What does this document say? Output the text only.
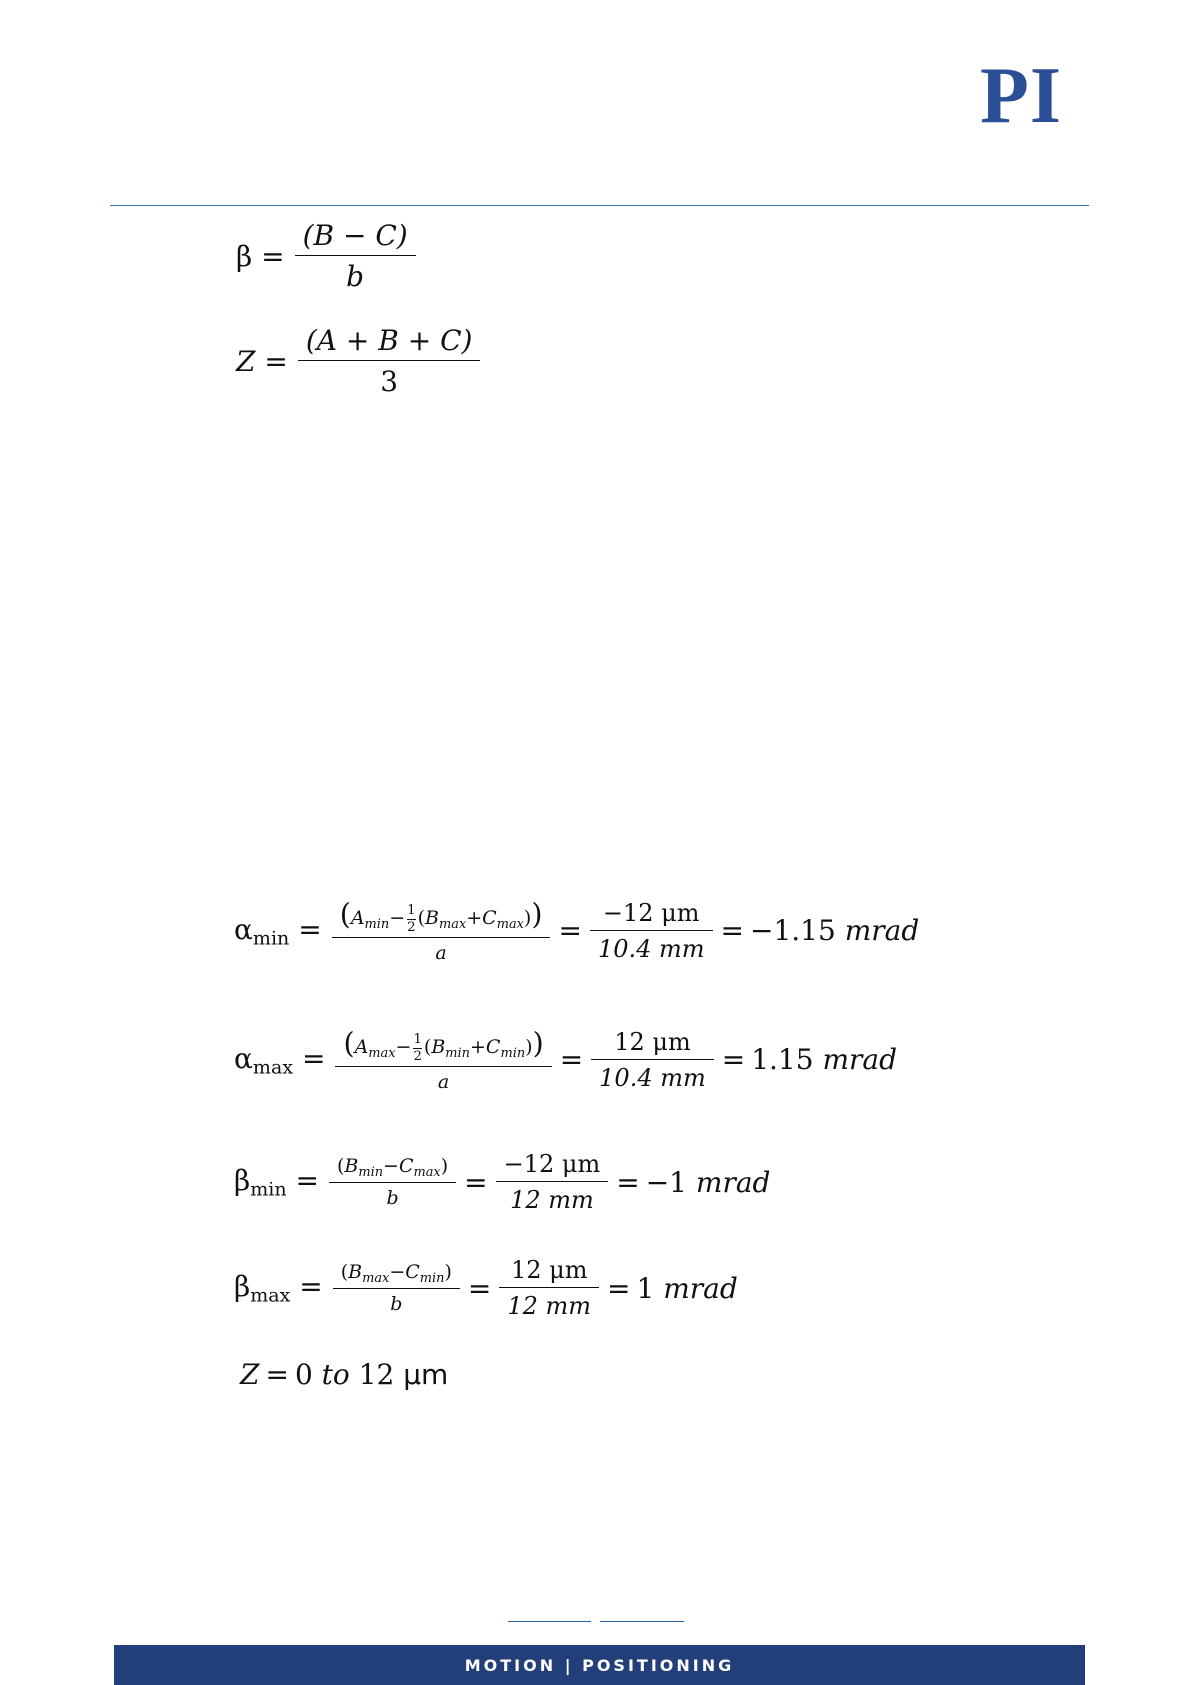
PI
$\beta = \frac{(B - C)}{b}$
$Z = \frac{(A + B + C)}{3}$
$\alpha_{min} = \frac{(A_{min}- \frac{1}{2} (B_{max}+C_{max}))}{a} = \frac{-12 \mu m}{10.4 mm} = -1.15$
mrad
$\alpha_{max} = \frac{(A_{max}- \frac{1}{2} (B_{min}+C_{min}))}{a} = \frac{12 \mu m}{10.4 mm} = 1.15$
mrad
$\beta_{min} = \frac{(B_{min}-C_{max})}{b} = \frac{-12 \mu m}{12 mm} = -1$
mrad
$\beta_{max} = \frac{(B_{max}-C_{min})}{b} = \frac{12 \mu m}{12 mm} = 1$
mrad
Z = 0
to
12
μm
MOTION | POSITIONING
